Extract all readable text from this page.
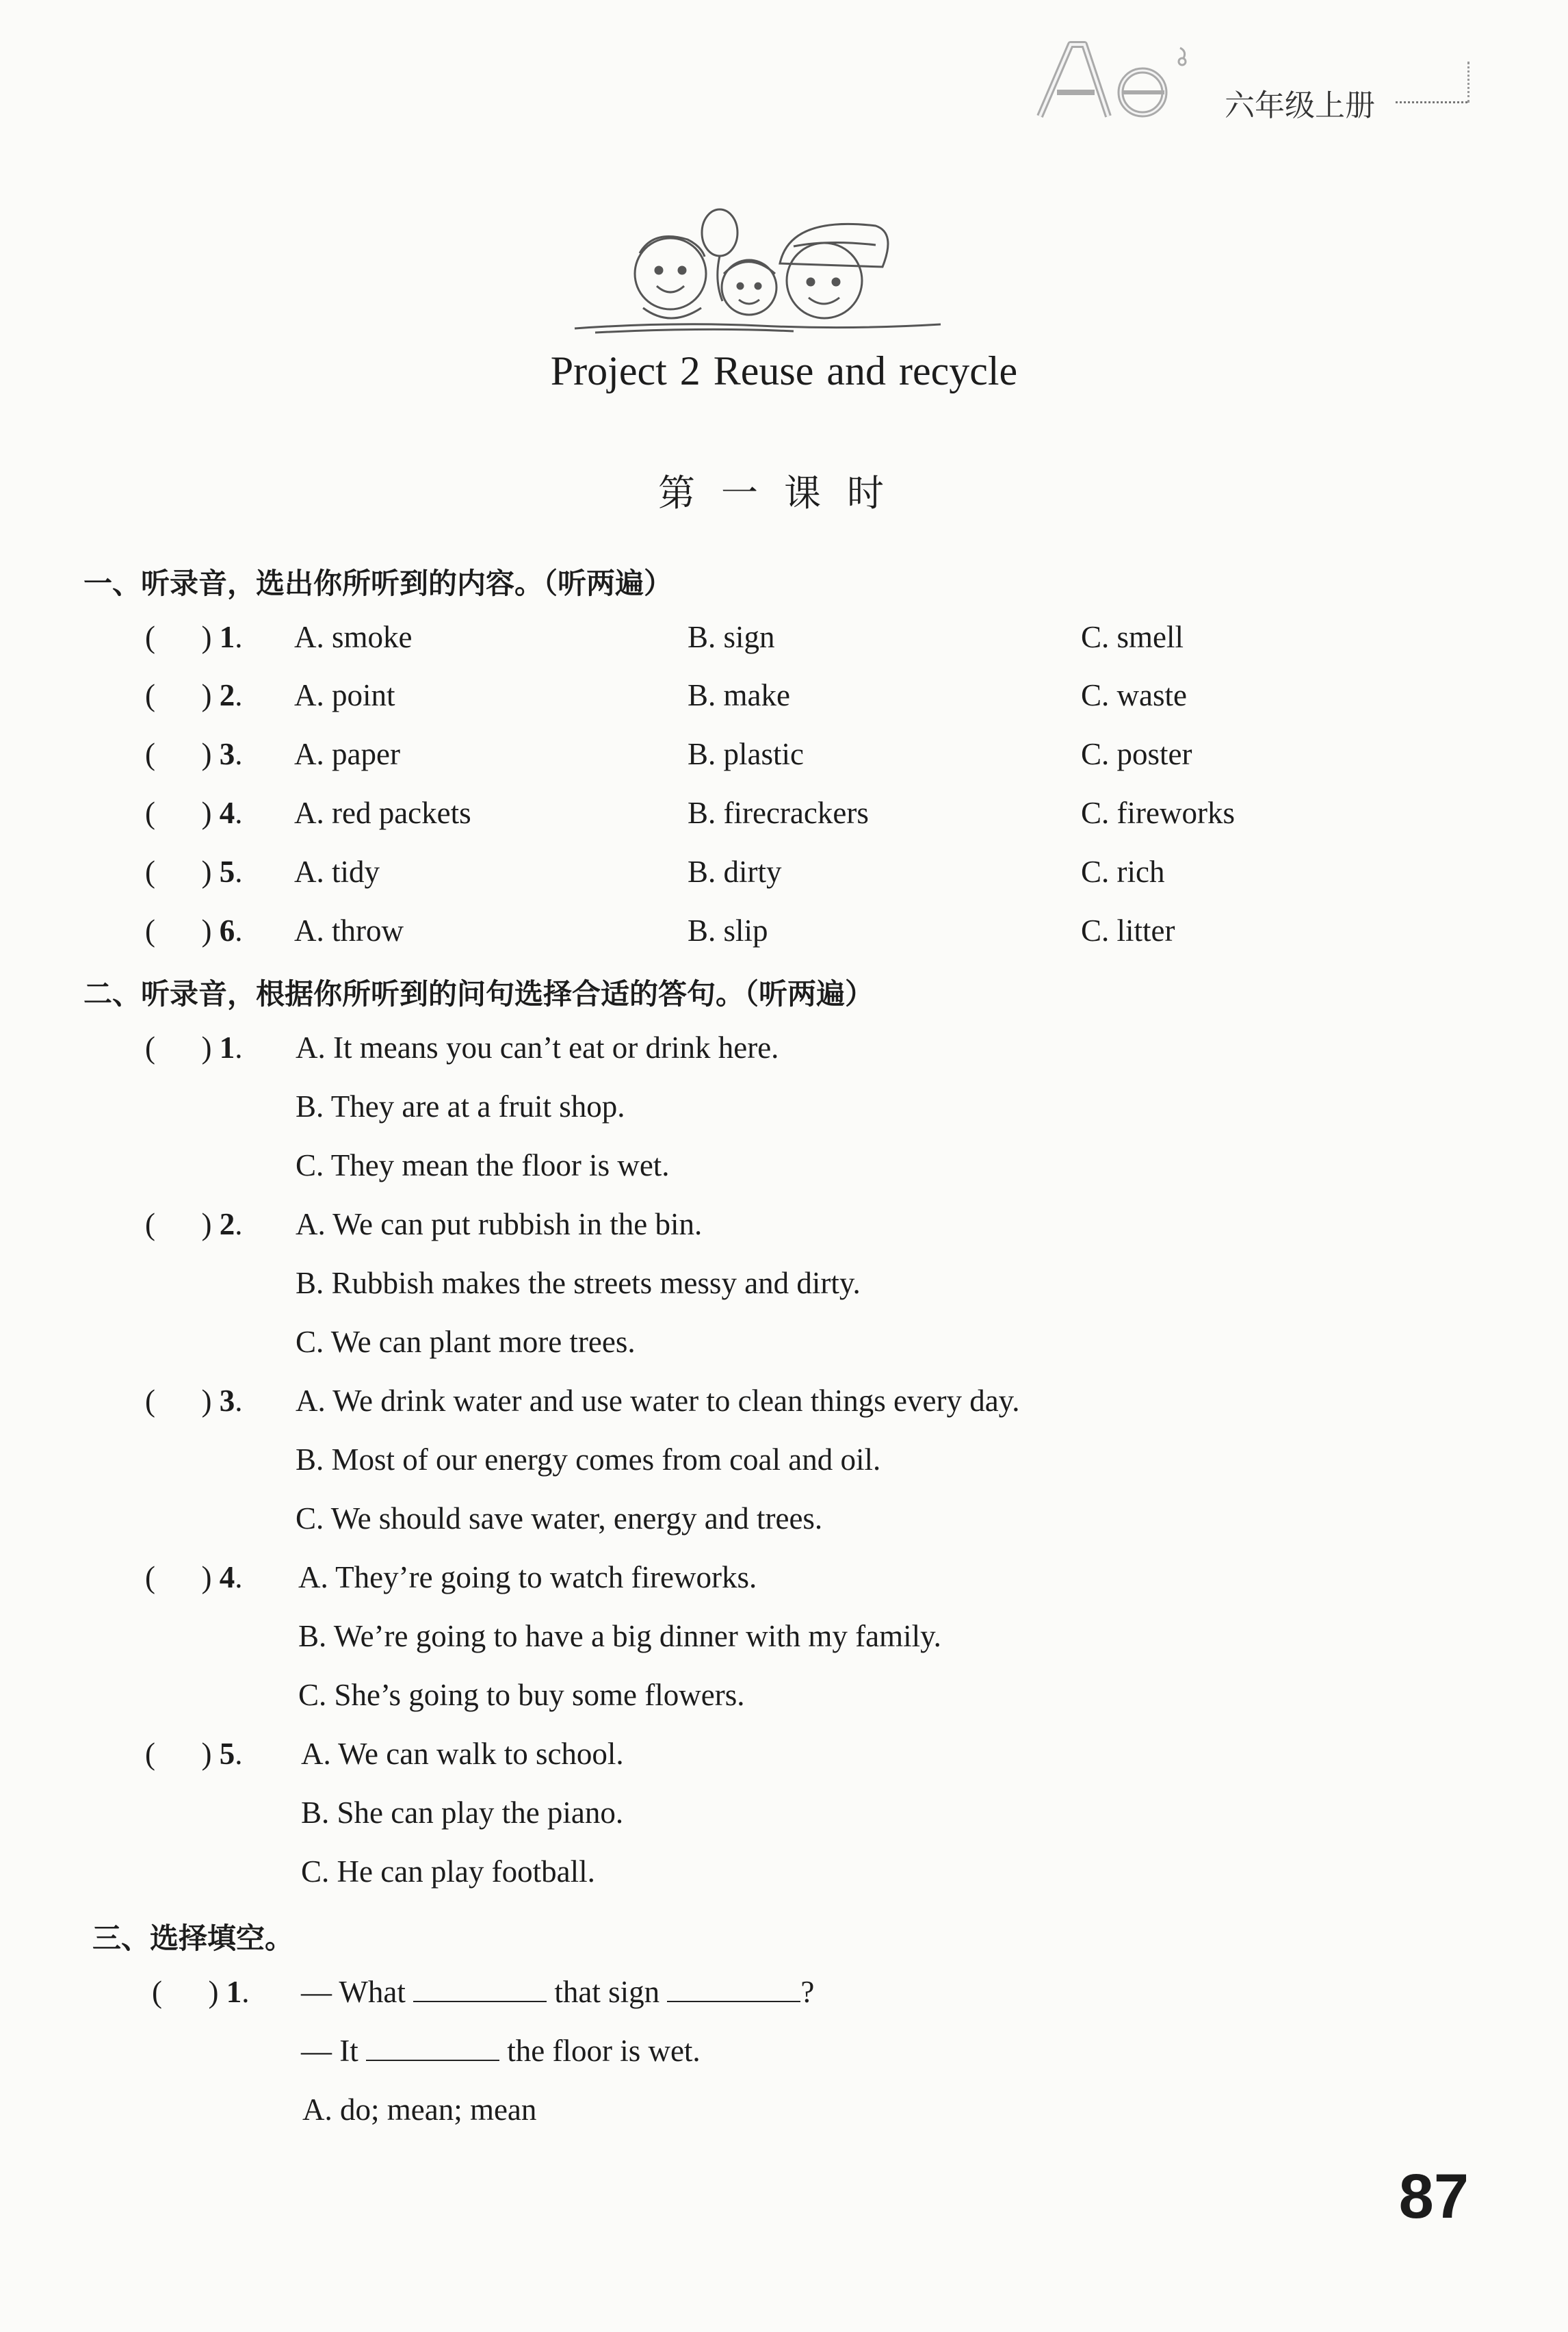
六年级上册
Project 2 Reuse and recycle
第一课时
一、听录音，选出你所听到的内容。（听两遍）
(      ) 1. A. smoke	B. sign	C. smell
(      ) 2. A. point	B. make	C. waste
(      ) 3. A. paper	B. plastic	C. poster
(      ) 4. A. red packets	B. firecrackers	C. fireworks
(      ) 5. A. tidy	B. dirty	C. rich
(      ) 6. A. throw	B. slip	C. litter
二、听录音，根据你所听到的问句选择合适的答句。（听两遍）
(      ) 1. A. It means you can’t eat or drink here.
B. They are at a fruit shop.
C. They mean the floor is wet.
(      ) 2. A. We can put rubbish in the bin.
B. Rubbish makes the streets messy and dirty.
C. We can plant more trees.
(      ) 3. A. We drink water and use water to clean things every day.
B. Most of our energy comes from coal and oil.
C. We should save water, energy and trees.
(      ) 4. A. They’re going to watch fireworks.
B. We’re going to have a big dinner with my family.
C. She’s going to buy some flowers.
(      ) 5. A. We can walk to school.
B. She can play the piano.
C. He can play football.
三、选择填空。
(      ) 1. — What	that sign	?
— It	the floor is wet.
A. do; mean; mean
87
